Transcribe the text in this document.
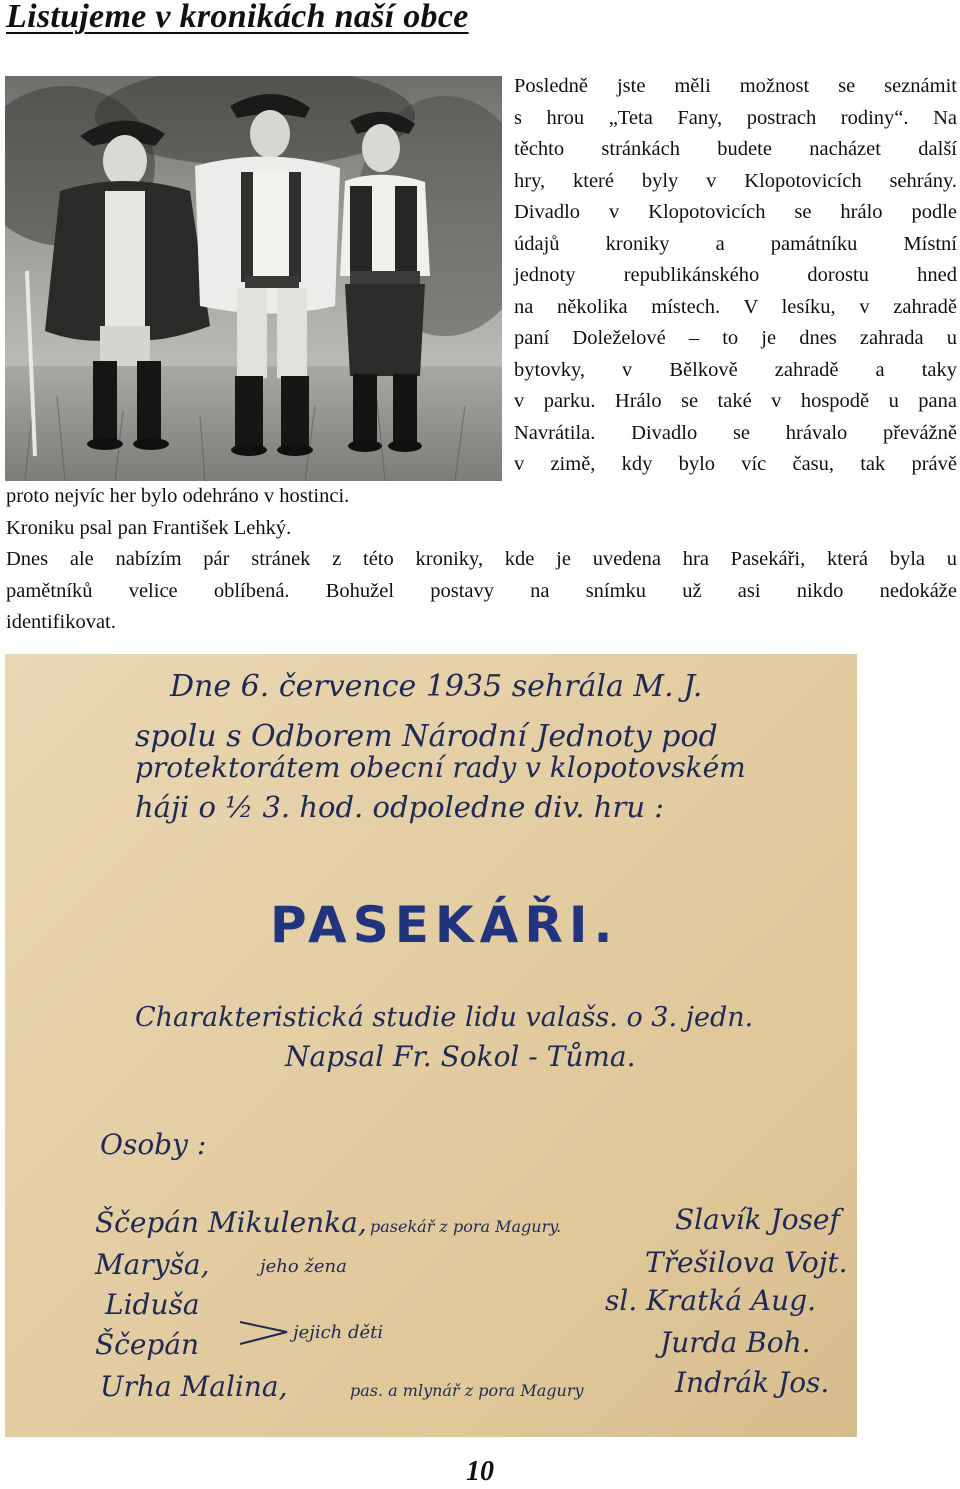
Listujeme v kronikách naší obce
Posledně jste měli možnost se seznámit
s hrou „Teta Fany, postrach rodiny“. Na
těchto stránkách budete nacházet další
hry, které byly v Klopotovicích sehrány.
Divadlo v Klopotovicích se hrálo podle
údajů kroniky a památníku Místní
jednoty republikánského dorostu hned
na několika místech. V lesíku, v zahradě
paní Doleželové – to je dnes zahrada u
bytovky, v Bělkově zahradě a taky
v parku. Hrálo se také v hospodě u pana
Navrátila. Divadlo se hrávalo převážně
v zimě, kdy bylo víc času, tak právě
proto nejvíc her bylo odehráno v hostinci.
Kroniku psal pan František Lehký.
Dnes ale nabízím pár stránek z této kroniky, kde je uvedena hra Pasekáři, která byla u
pamětníků velice oblíbená. Bohužel postavy na snímku už asi nikdo nedokáže
identifikovat.
Dne 6. července 1935 sehrála M. J.
spolu s Odborem Národní Jednoty pod
protektorátem obecní rady v klopotovském
háji o ½ 3. hod. odpoledne div. hru :
PASEKÁŘI.
Charakteristická studie lidu valašs. o 3. jedn.
Napsal Fr. Sokol - Tůma.
Osoby :
Ščepán Mikulenka, pasekář z pora Magury.	Slavík Josef
Maryša,	jeho žena	Třešilova Vojt.
Liduša	sl. Kratká Aug.
Ščepán	Jurda Boh.
jejich děti
Urha Malina,	pas. a mlynář z pora Magury	Indrák Jos.
10
